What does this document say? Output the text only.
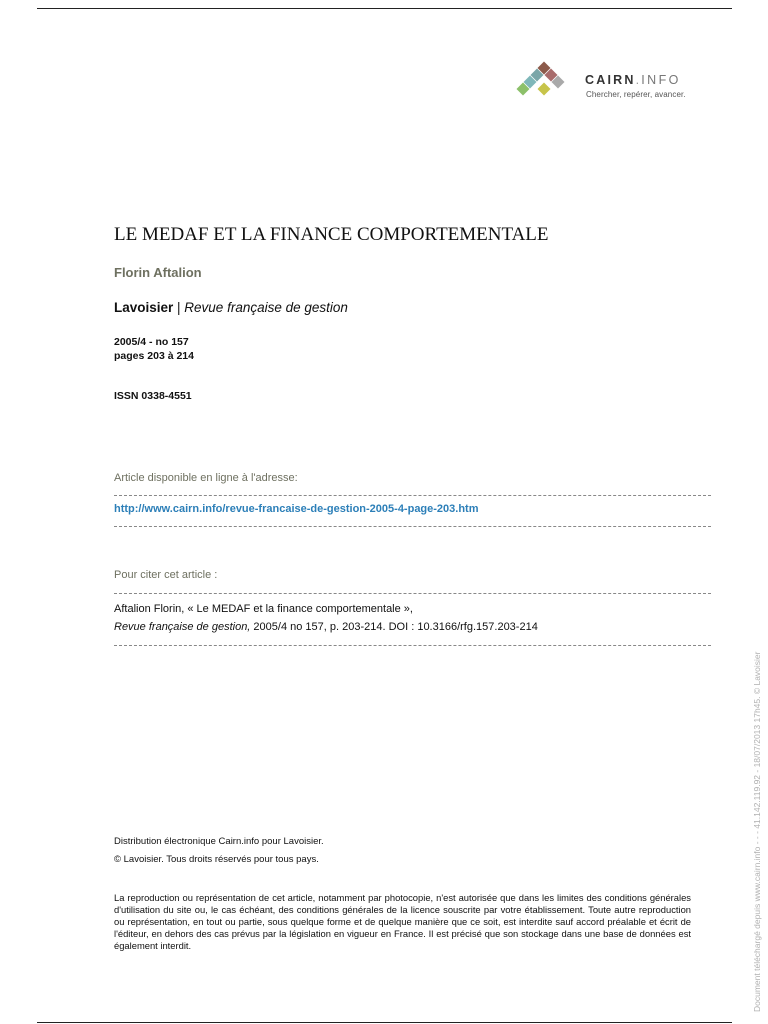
CAIRN.INFO
Chercher, repérer, avancer.
LE MEDAF ET LA FINANCE COMPORTEMENTALE
Florin Aftalion
Lavoisier | Revue française de gestion
2005/4 - no 157
pages 203 à 214
ISSN 0338-4551
Article disponible en ligne à l'adresse:
http://www.cairn.info/revue-francaise-de-gestion-2005-4-page-203.htm
Pour citer cet article :
Aftalion Florin, « Le MEDAF et la finance comportementale »,
Revue française de gestion, 2005/4 no 157, p. 203-214. DOI : 10.3166/rfg.157.203-214
Distribution électronique Cairn.info pour Lavoisier.
© Lavoisier. Tous droits réservés pour tous pays.
La reproduction ou représentation de cet article, notamment par photocopie, n'est autorisée que dans les limites des conditions générales d'utilisation du site ou, le cas échéant, des conditions générales de la licence souscrite par votre établissement. Toute autre reproduction ou représentation, en tout ou partie, sous quelque forme et de quelque manière que ce soit, est interdite sauf accord préalable et écrit de l'éditeur, en dehors des cas prévus par la législation en vigueur en France. Il est précisé que son stockage dans une base de données est également interdit.	Document téléchargé depuis www.cairn.info - - - 41.142.119.92 - 18/07/2013 17h45. © Lavoisier
